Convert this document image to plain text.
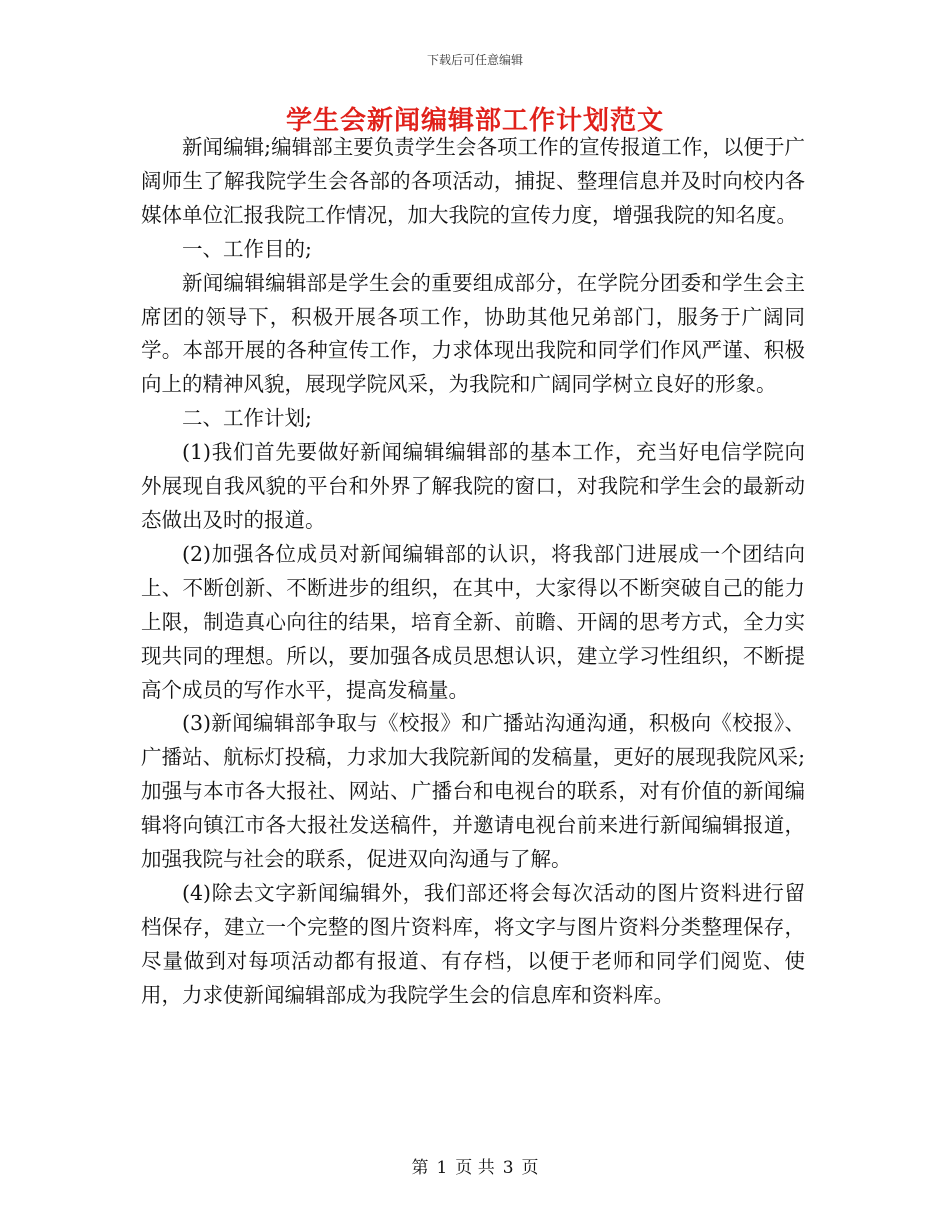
下载后可任意编辑
学生会新闻编辑部工作计划范文

新闻编辑;编辑部主要负责学生会各项工作的宣传报道工作，以便于广阔师生了解我院学生会各部的各项活动，捕捉、整理信息并及时向校内各媒体单位汇报我院工作情况，加大我院的宣传力度，增强我院的知名度。

一、工作目的;

新闻编辑编辑部是学生会的重要组成部分，在学院分团委和学生会主席团的领导下，积极开展各项工作，协助其他兄弟部门，服务于广阔同学。本部开展的各种宣传工作，力求体现出我院和同学们作风严谨、积极向上的精神风貌，展现学院风采，为我院和广阔同学树立良好的形象。

二、工作计划;

(1)我们首先要做好新闻编辑编辑部的基本工作，充当好电信学院向外展现自我风貌的平台和外界了解我院的窗口，对我院和学生会的最新动态做出及时的报道。

(2)加强各位成员对新闻编辑部的认识，将我部门进展成一个团结向上、不断创新、不断进步的组织，在其中，大家得以不断突破自己的能力上限，制造真心向往的结果，培育全新、前瞻、开阔的思考方式，全力实现共同的理想。所以，要加强各成员思想认识，建立学习性组织，不断提高个成员的写作水平，提高发稿量。

(3)新闻编辑部争取与《校报》和广播站沟通沟通，积极向《校报》、广播站、航标灯投稿，力求加大我院新闻的发稿量，更好的展现我院风采;加强与本市各大报社、网站、广播台和电视台的联系，对有价值的新闻编辑将向镇江市各大报社发送稿件，并邀请电视台前来进行新闻编辑报道，加强我院与社会的联系，促进双向沟通与了解。

(4)除去文字新闻编辑外，我们部还将会每次活动的图片资料进行留档保存，建立一个完整的图片资料库，将文字与图片资料分类整理保存，尽量做到对每项活动都有报道、有存档，以便于老师和同学们阅览、使用，力求使新闻编辑部成为我院学生会的信息库和资料库。

第 1 页 共 3 页
